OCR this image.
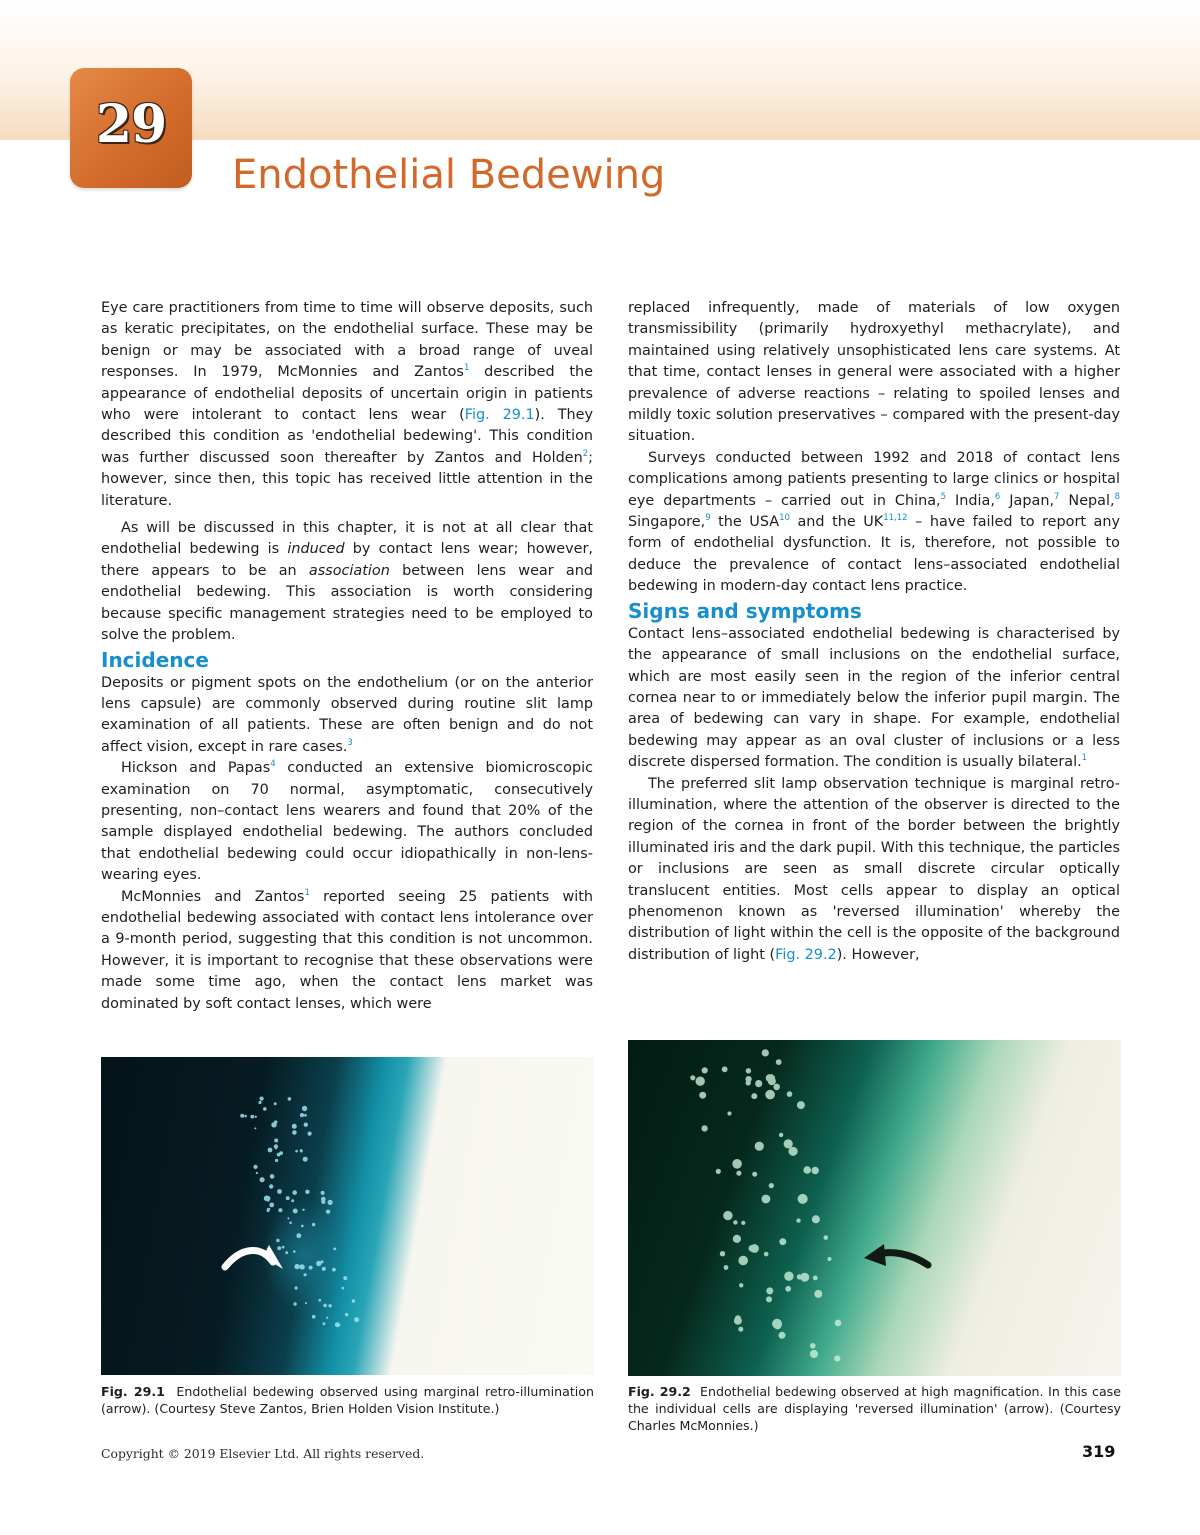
29
Endothelial Bedewing

Eye care practitioners from time to time will observe deposits, such as keratic precipitates, on the endothelial surface. These may be benign or may be associated with a broad range of uveal responses. In 1979, McMonnies and Zantos$^1$ described the appearance of endothelial deposits of uncertain origin in patients who were intolerant to contact lens wear (Fig. 29.1). They described this condition as 'endothelial bedewing'. This condition was further discussed soon thereafter by Zantos and Holden$^2$; however, since then, this topic has received little attention in the literature.

As will be discussed in this chapter, it is not at all clear that endothelial bedewing is induced by contact lens wear; however, there appears to be an association between lens wear and endothelial bedewing. This association is worth considering because specific management strategies need to be employed to solve the problem.

Incidence

Deposits or pigment spots on the endothelium (or on the anterior lens capsule) are commonly observed during routine slit lamp examination of all patients. These are often benign and do not affect vision, except in rare cases.$^3$

Hickson and Papas$^4$ conducted an extensive biomicroscopic examination on 70 normal, asymptomatic, consecutively presenting, non–contact lens wearers and found that 20% of the sample displayed endothelial bedewing. The authors concluded that endothelial bedewing could occur idiopathically in non-lens-wearing eyes.

McMonnies and Zantos$^1$ reported seeing 25 patients with endothelial bedewing associated with contact lens intolerance over a 9-month period, suggesting that this condition is not uncommon. However, it is important to recognise that these observations were made some time ago, when the contact lens market was dominated by soft contact lenses, which were

replaced infrequently, made of materials of low oxygen transmissibility (primarily hydroxyethyl methacrylate), and maintained using relatively unsophisticated lens care systems. At that time, contact lenses in general were associated with a higher prevalence of adverse reactions – relating to spoiled lenses and mildly toxic solution preservatives – compared with the present-day situation.

Surveys conducted between 1992 and 2018 of contact lens complications among patients presenting to large clinics or hospital eye departments – carried out in China,$^5$ India,$^6$ Japan,$^7$ Nepal,$^8$ Singapore,$^9$ the USA$^{10}$ and the UK$^{11,12}$ – have failed to report any form of endothelial dysfunction. It is, therefore, not possible to deduce the prevalence of contact lens–associated endothelial bedewing in modern-day contact lens practice.

Signs and symptoms

Contact lens–associated endothelial bedewing is characterised by the appearance of small inclusions on the endothelial surface, which are most easily seen in the region of the inferior central cornea near to or immediately below the inferior pupil margin. The area of bedewing can vary in shape. For example, endothelial bedewing may appear as an oval cluster of inclusions or a less discrete dispersed formation. The condition is usually bilateral.$^1$

The preferred slit lamp observation technique is marginal retro-illumination, where the attention of the observer is directed to the region of the cornea in front of the border between the brightly illuminated iris and the dark pupil. With this technique, the particles or inclusions are seen as small discrete circular optically translucent entities. Most cells appear to display an optical phenomenon known as 'reversed illumination' whereby the distribution of light within the cell is the opposite of the background distribution of light (Fig. 29.2). However,

Fig. 29.1 Endothelial bedewing observed using marginal retro-illumination (arrow). (Courtesy Steve Zantos, Brien Holden Vision Institute.)
Fig. 29.2 Endothelial bedewing observed at high magnification. In this case the individual cells are displaying 'reversed illumination' (arrow). (Courtesy Charles McMonnies.)
Copyright © 2019 Elsevier Ltd. All rights reserved.	319
